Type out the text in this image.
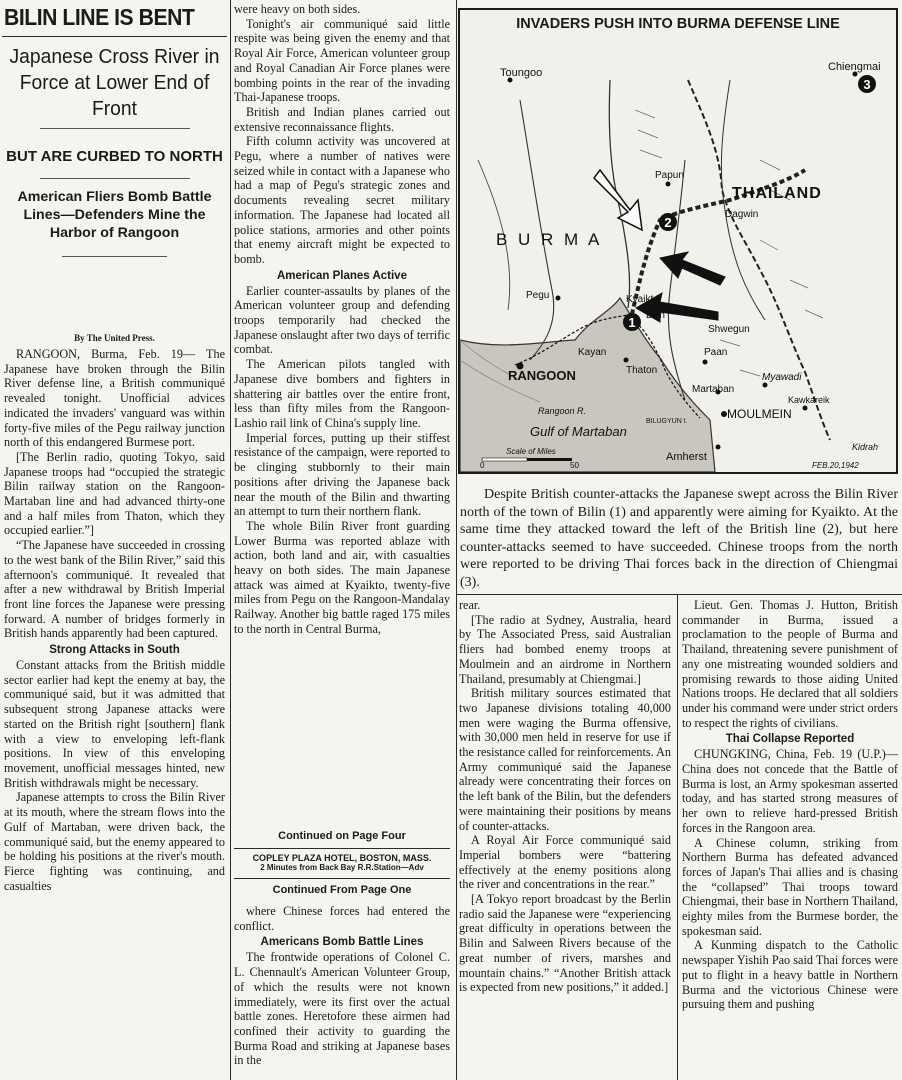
BILIN LINE IS BENT
Japanese Cross River in Force at Lower End of Front
BUT ARE CURBED TO NORTH
American Fliers Bomb Battle Lines—Defenders Mine the Harbor of Rangoon
By The United Press.

RANGOON, Burma, Feb. 19— The Japanese have broken through the Bilin River defense line, a British communiqué revealed tonight. Unofficial advices indicated the invaders' vanguard was within forty-five miles of the Pegu railway junction north of this endangered Burmese port.

[The Berlin radio, quoting Tokyo, said Japanese troops had “occupied the strategic Bilin railway station on the Rangoon-Martaban line and had advanced thirty-one and a half miles from Thaton, which they occupied earlier.”]

“The Japanese have succeeded in crossing to the west bank of the Bilin River,” said this afternoon's communiqué. It revealed that after a new withdrawal by British Imperial front line forces the Japanese were pressing forward. A number of bridges formerly in British hands apparently had been captured.

Strong Attacks in South

Constant attacks from the British middle sector earlier had kept the enemy at bay, the communiqué said, but it was admitted that subsequent strong Japanese attacks were started on the British right [southern] flank with a view to enveloping left-flank positions. In view of this enveloping movement, unofficial messages hinted, new British withdrawals might be necessary.

Japanese attempts to cross the Bilin River at its mouth, where the stream flows into the Gulf of Martaban, were driven back, the communiqué said, but the enemy appeared to be holding his positions at the river's mouth. Fierce fighting was continuing, and casualties

were heavy on both sides.

Tonight's air communiqué said little respite was being given the enemy and that Royal Air Force, American volunteer group and Royal Canadian Air Force planes were bombing points in the rear of the invading Thai-Japanese troops.

British and Indian planes carried out extensive reconnaissance flights.

Fifth column activity was uncovered at Pegu, where a number of natives were seized while in contact with a Japanese who had a map of Pegu's strategic zones and documents revealing secret military information. The Japanese had located all police stations, armories and other points that enemy aircraft might be expected to bomb.

American Planes Active

Earlier counter-assaults by planes of the American volunteer group and defending troops temporarily had checked the Japanese onslaught after two days of terrific combat.

The American pilots tangled with Japanese dive bombers and fighters in shattering air battles over the entire front, less than fifty miles from the Rangoon-Lashio rail link of China's supply line.

Imperial forces, putting up their stiffest resistance of the campaign, were reported to be clinging stubbornly to their main positions after driving the Japanese back near the mouth of the Bilin and thwarting an attempt to turn their northern flank.

The whole Bilin River front guarding Lower Burma was reported ablaze with action, both land and air, with casualties heavy on both sides. The main Japanese attack was aimed at Kyaikto, twenty-five miles from Pegu on the Rangoon-Mandalay Railway. Another big battle raged 175 miles to the north in Central Burma,

Continued on Page Four
COPLEY PLAZA HOTEL, BOSTON, MASS.
2 Minutes from Back Bay R.R.Station—Adv
Continued From Page One

where Chinese forces had entered the conflict.

Americans Bomb Battle Lines

The frontwide operations of Colonel C. L. Chennault's American Volunteer Group, of which the results were not known immediately, were its first over the actual battle zones. Heretofore these airmen had confined their activity to guarding the Burma Road and striking at Japanese bases in the

INVADERS PUSH INTO BURMA DEFENSE LINE
1
2
3
Toungoo	Chiengmai
THAILAND
Papun
Dagwin
B U R M A
Pegu	Kyaikto
Bilin
Shwegun
Kayan
Thaton
RANGOON
Paan
Myawadi
Martaban
Kawkareik
MOULMEIN
Rangoon R.
BILUGYUN I.
Gulf of Martaban
Scale of Miles
0	50
Amherst
FEB.20,1942
Kidrah
Despite British counter-attacks the Japanese swept across the Bilin River north of the town of Bilin (1) and apparently were aiming for Kyaikto. At the same time they attacked toward the left of the British line (2), but here counter-attacks seemed to have succeeded. Chinese troops from the north were reported to be driving Thai forces back in the direction of Chiengmai (3).

rear.

[The radio at Sydney, Australia, heard by The Associated Press, said Australian fliers had bombed enemy troops at Moulmein and an airdrome in Northern Thailand, presumably at Chiengmai.]

British military sources estimated that two Japanese divisions totaling 40,000 men were waging the Burma offensive, with 30,000 men held in reserve for use if the resistance called for reinforcements. An Army communiqué said the Japanese already were concentrating their forces on the left bank of the Bilin, but the defenders were maintaining their positions by means of counter-attacks.

A Royal Air Force communiqué said Imperial bombers were “battering effectively at the enemy positions along the river and concentrations in the rear.”

[A Tokyo report broadcast by the Berlin radio said the Japanese were “experiencing great difficulty in operations between the Bilin and Salween Rivers because of the great number of rivers, marshes and mountain chains.” “Another British attack is expected from new positions,” it added.]

Lieut. Gen. Thomas J. Hutton, British commander in Burma, issued a proclamation to the people of Burma and Thailand, threatening severe punishment of any one mistreating wounded soldiers and promising rewards to those aiding United Nations troops. He declared that all soldiers under his command were under strict orders to respect the rights of civilians.

Thai Collapse Reported

CHUNGKING, China, Feb. 19 (U.P.)—China does not concede that the Battle of Burma is lost, an Army spokesman asserted today, and has started strong measures of her own to relieve hard-pressed British forces in the Rangoon area.

A Chinese column, striking from Northern Burma has defeated advanced forces of Japan's Thai allies and is chasing the “collapsed” Thai troops toward Chiengmai, their base in Northern Thailand, eighty miles from the Burmese border, the spokesman said.

A Kunming dispatch to the Catholic newspaper Yishih Pao said Thai forces were put to flight in a heavy battle in Northern Burma and the victorious Chinese were pursuing them and pushing
